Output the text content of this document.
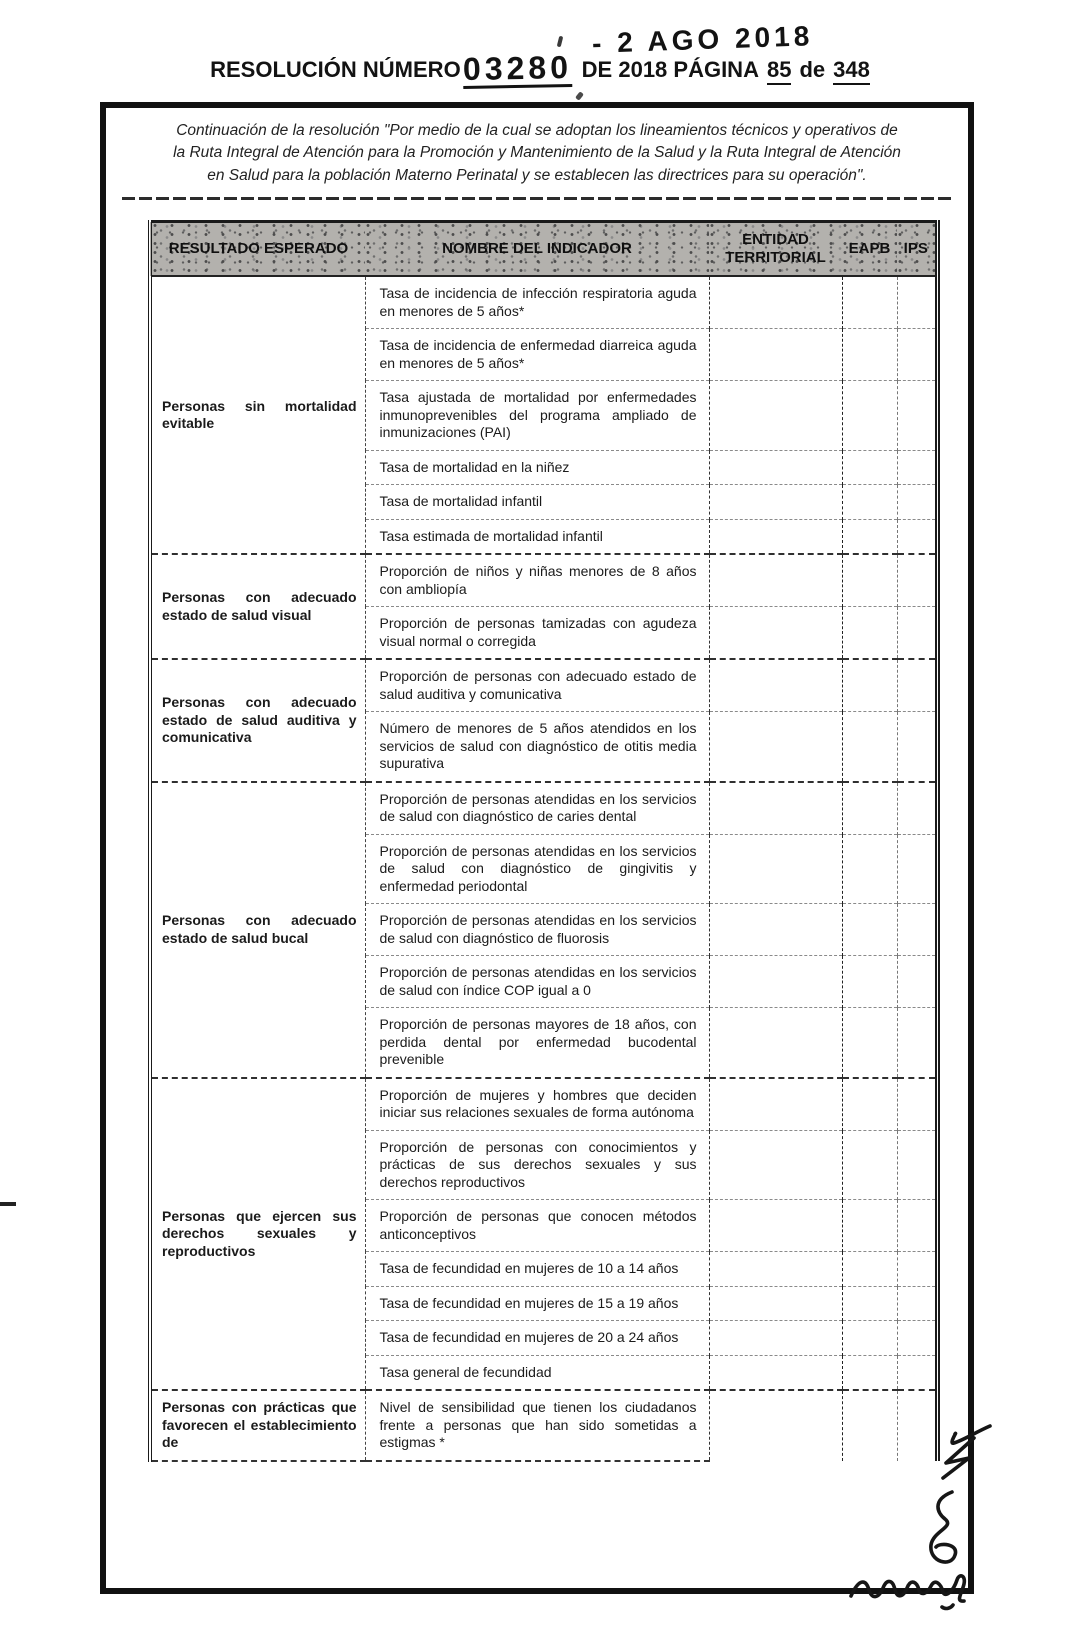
- 2 AGO 2018
RESOLUCIÓN NÚMERO 03280 DE 2018 PÁGINA 85 de 348
Continuación de la resolución "Por medio de la cual se adoptan los lineamientos técnicos y operativos de la Ruta Integral de Atención para la Promoción y Mantenimiento de la Salud y la Ruta Integral de Atención en Salud para la población Materno Perinatal y se establecen las directrices para su operación".
RESULTADO ESPERADO	NOMBRE DEL INDICADOR	ENTIDAD TERRITORIAL	EAPB	IPS
Personas sin mortalidad evitable	Tasa de incidencia de infección respiratoria aguda en menores de 5 años*			
	Tasa de incidencia de enfermedad diarreica aguda en menores de 5 años*			
	Tasa ajustada de mortalidad por enfermedades inmunoprevenibles del programa ampliado de inmunizaciones (PAI)			
	Tasa de mortalidad en la niñez			
	Tasa de mortalidad infantil			
	Tasa estimada de mortalidad infantil			
Personas con adecuado estado de salud visual	Proporción de niños y niñas menores de 8 años con ambliopía			
	Proporción de personas tamizadas con agudeza visual normal o corregida			
Personas con adecuado estado de salud auditiva y comunicativa	Proporción de personas con adecuado estado de salud auditiva y comunicativa			
	Número de menores de 5 años atendidos en los servicios de salud con diagnóstico de otitis media supurativa			
Personas con adecuado estado de salud bucal	Proporción de personas atendidas en los servicios de salud con diagnóstico de caries dental			
	Proporción de personas atendidas en los servicios de salud con diagnóstico de gingivitis y enfermedad periodontal			
	Proporción de personas atendidas en los servicios de salud con diagnóstico de fluorosis			
	Proporción de personas atendidas en los servicios de salud con índice COP igual a 0			
	Proporción de personas mayores de 18 años, con perdida dental por enfermedad bucodental prevenible			
Personas que ejercen sus derechos sexuales y reproductivos	Proporción de mujeres y hombres que deciden iniciar sus relaciones sexuales de forma autónoma			
	Proporción de personas con conocimientos y prácticas de sus derechos sexuales y sus derechos reproductivos			
	Proporción de personas que conocen métodos anticonceptivos			
	Tasa de fecundidad en mujeres de 10 a 14 años			
	Tasa de fecundidad en mujeres de 15 a 19 años			
	Tasa de fecundidad en mujeres de 20 a 24 años			
	Tasa general de fecundidad			
Personas con prácticas que favorecen el establecimiento de	Nivel de sensibilidad que tienen los ciudadanos frente a personas que han sido sometidas a estigmas *			
